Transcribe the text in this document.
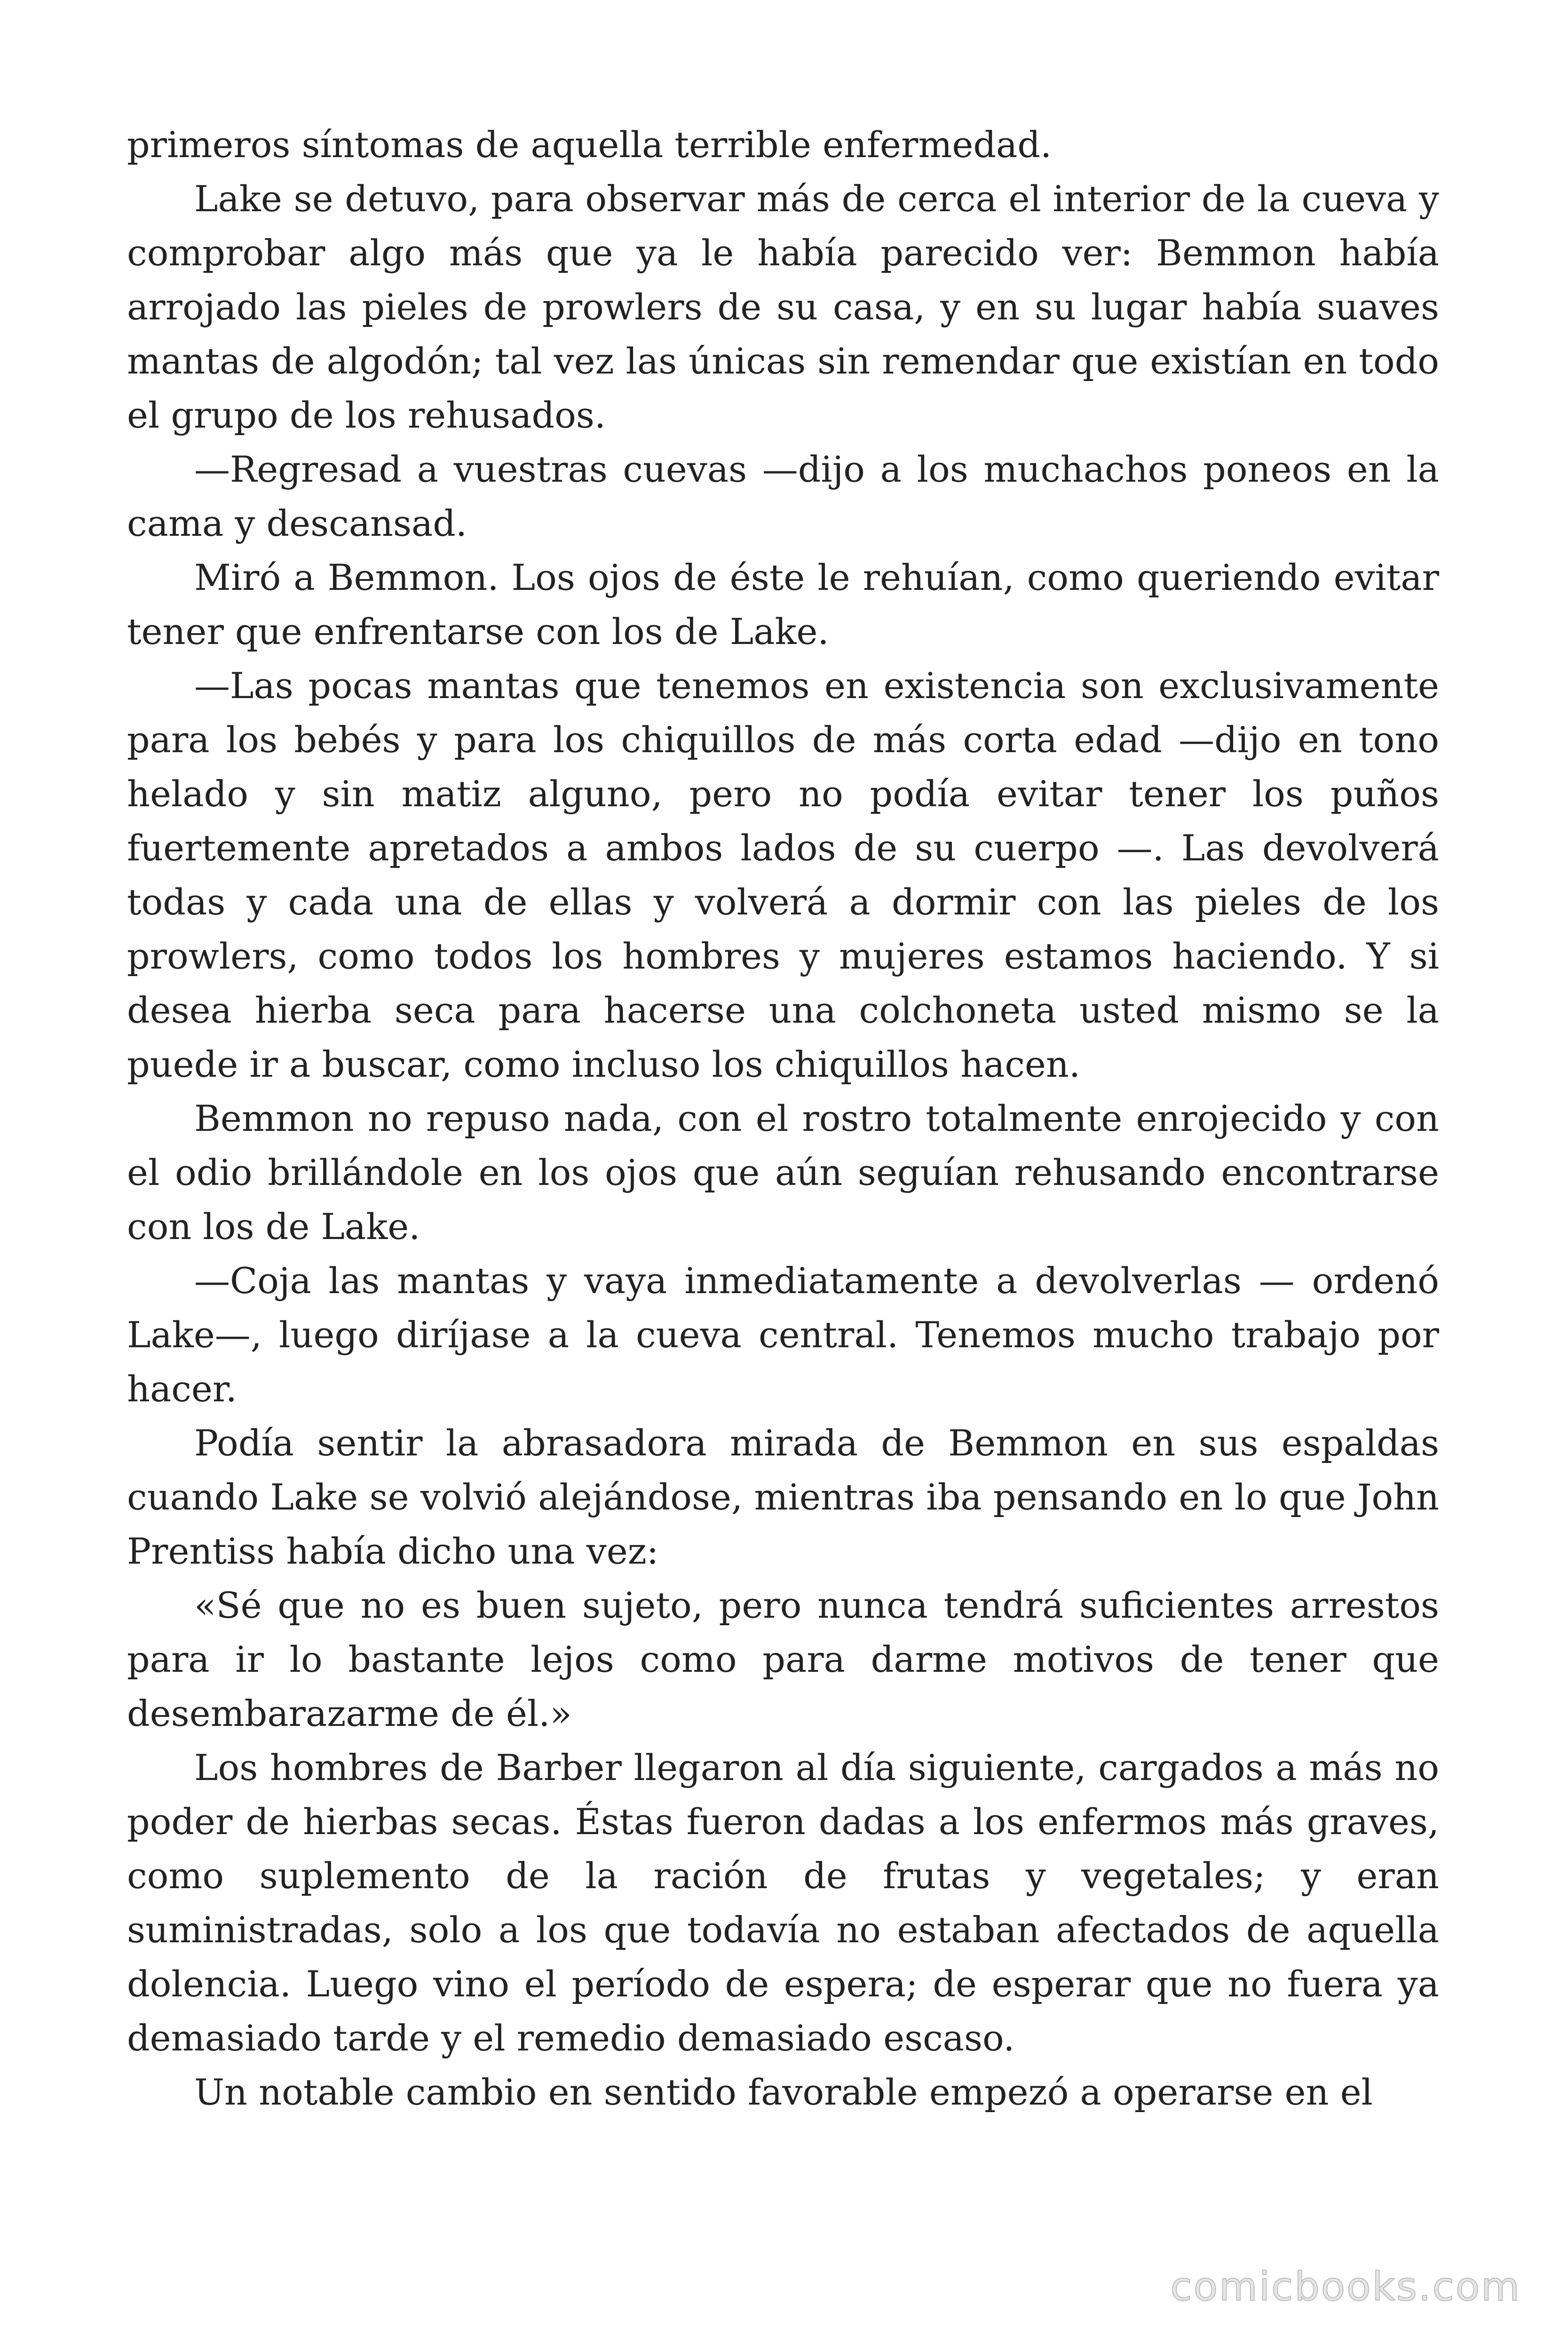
primeros síntomas de aquella terrible enfermedad.

Lake se detuvo, para observar más de cerca el interior de la cueva y comprobar algo más que ya le había parecido ver: Bemmon había arrojado las pieles de prowlers de su casa, y en su lugar había suaves mantas de algodón; tal vez las únicas sin remendar que existían en todo el grupo de los rehusados.

—Regresad a vuestras cuevas —dijo a los muchachos poneos en la cama y descansad.

Miró a Bemmon. Los ojos de éste le rehuían, como queriendo evitar tener que enfrentarse con los de Lake.

—Las pocas mantas que tenemos en existencia son exclusivamente para los bebés y para los chiquillos de más corta edad —dijo en tono helado y sin matiz alguno, pero no podía evitar tener los puños fuertemente apretados a ambos lados de su cuerpo —. Las devolverá todas y cada una de ellas y volverá a dormir con las pieles de los prowlers, como todos los hombres y mujeres estamos haciendo. Y si desea hierba seca para hacerse una colchoneta usted mismo se la puede ir a buscar, como incluso los chiquillos hacen.

Bemmon no repuso nada, con el rostro totalmente enrojecido y con el odio brillándole en los ojos que aún seguían rehusando encontrarse con los de Lake.

—Coja las mantas y vaya inmediatamente a devolverlas — ordenó Lake—, luego diríjase a la cueva central. Tenemos mucho trabajo por hacer.

Podía sentir la abrasadora mirada de Bemmon en sus espaldas cuando Lake se volvió alejándose, mientras iba pensando en lo que John Prentiss había dicho una vez:

«Sé que no es buen sujeto, pero nunca tendrá suficientes arrestos para ir lo bastante lejos como para darme motivos de tener que desembarazarme de él.»

Los hombres de Barber llegaron al día siguiente, cargados a más no poder de hierbas secas. Éstas fueron dadas a los enfermos más graves, como suplemento de la ración de frutas y vegetales; y eran suministradas, solo a los que todavía no estaban afectados de aquella dolencia. Luego vino el período de espera; de esperar que no fuera ya demasiado tarde y el remedio demasiado escaso.

Un notable cambio en sentido favorable empezó a operarse en el

comicbooks.com
